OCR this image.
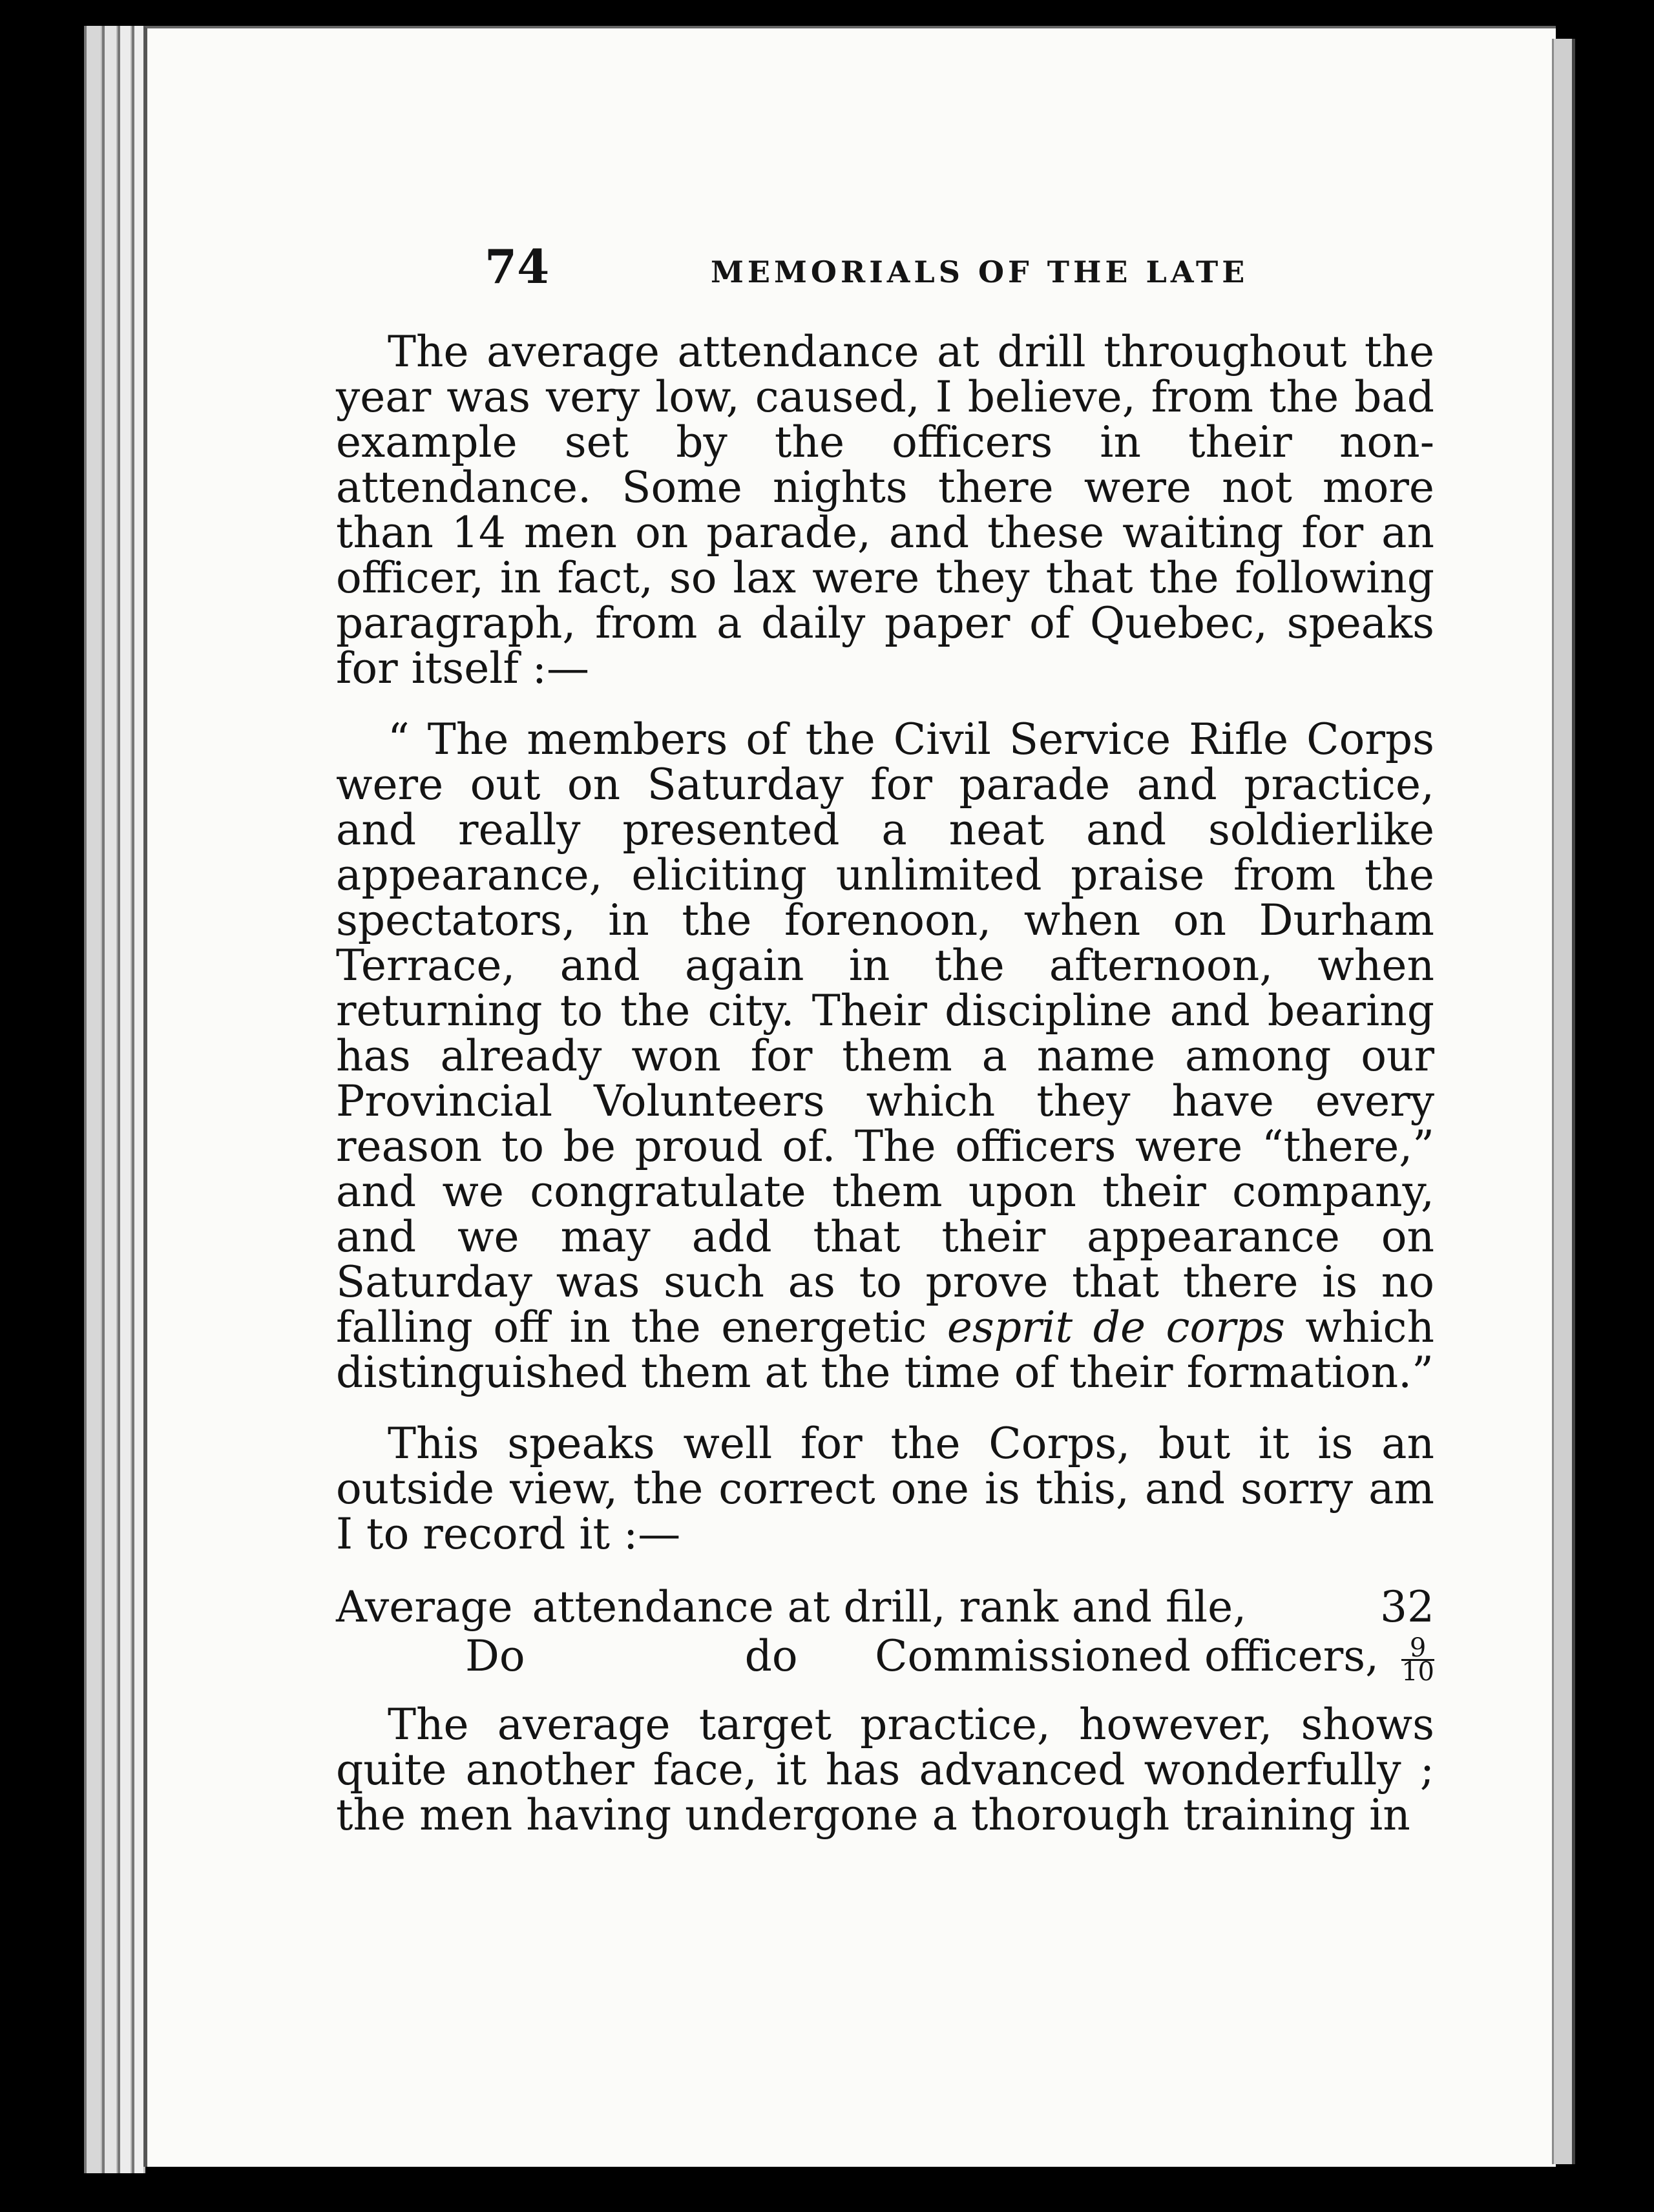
74	MEMORIALS OF THE LATE

The average attendance at drill throughout the year was very low, caused, I believe, from the bad example set by the officers in their non-attendance. Some nights there were not more than 14 men on parade, and these waiting for an officer, in fact, so lax were they that the following paragraph, from a daily paper of Quebec, speaks for itself :—

“ The members of the Civil Service Rifle Corps were out on Saturday for parade and practice, and really presented a neat and soldierlike appearance, eliciting unlimited praise from the spectators, in the forenoon, when on Durham Terrace, and again in the afternoon, when returning to the city. Their discipline and bearing has already won for them a name among our Provincial Volunteers which they have every reason to be proud of. The officers were “there,” and we congratulate them upon their company, and we may add that their appearance on Saturday was such as to prove that there is no falling off in the energetic esprit de corps which distinguished them at the time of their formation.”

This speaks well for the Corps, but it is an outside view, the correct one is this, and sorry am I to record it :—

Average attendance at drill, rank and file,	32
Do	do	Commissioned officers, $\frac{9}{10}$

The average target practice, however, shows quite another face, it has advanced wonderfully ; the men having undergone a thorough training in
